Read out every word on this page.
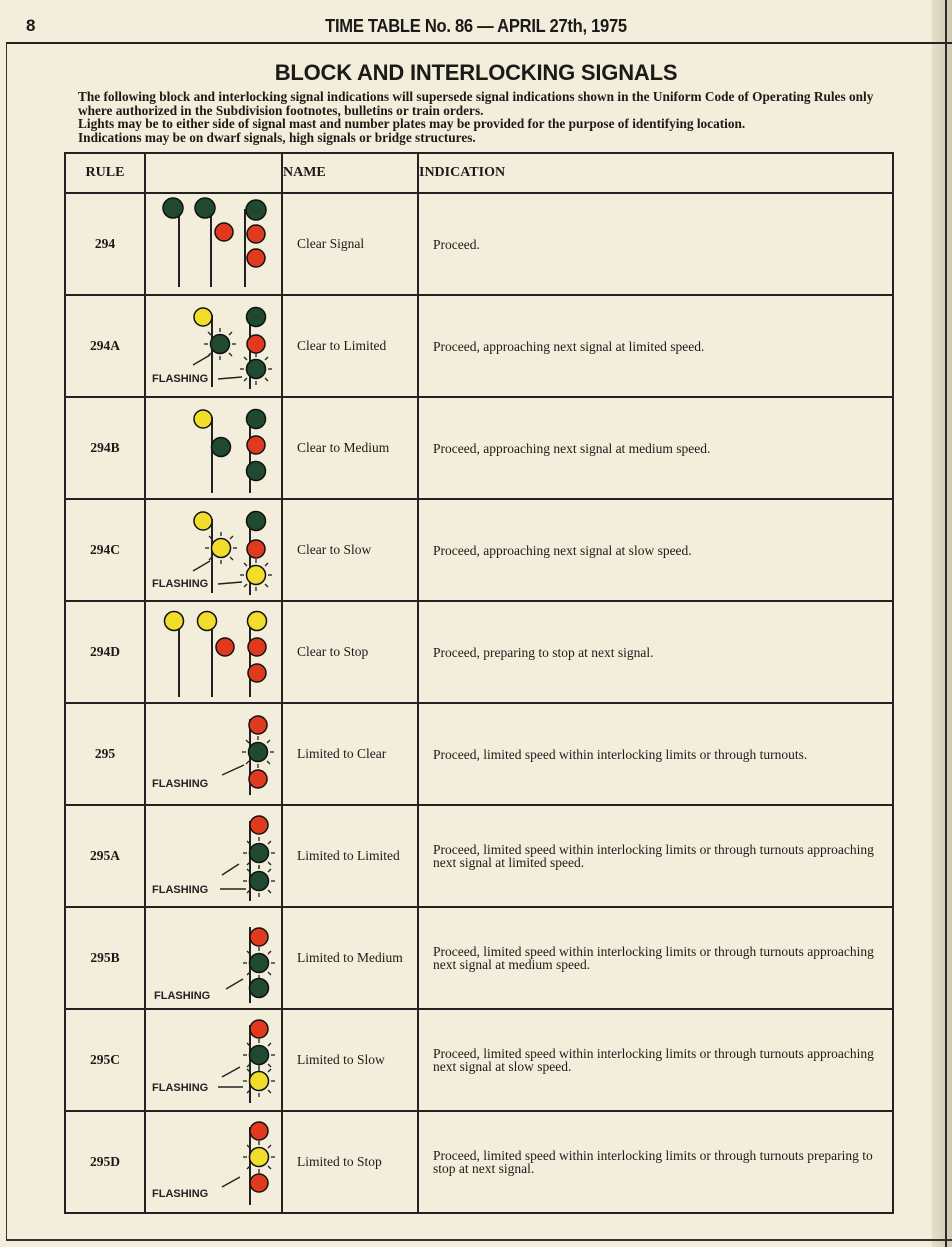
8	TIME TABLE No. 86 — APRIL 27th, 1975
BLOCK AND INTERLOCKING SIGNALS

The following block and interlocking signal indications will supersede signal indications shown in the Uniform Code of Operating Rules only where authorized in the Subdivision footnotes, bulletins or train orders.

Lights may be to either side of signal mast and number plates may be provided for the purpose of identifying location.

Indications may be on dwarf signals, high signals or bridge structures.

RULE		NAME	INDICATION
294		Clear Signal	Proceed.
294A	FLASHING	Clear to Limited	Proceed, approaching next signal at limited speed.
294B		Clear to Medium	Proceed, approaching next signal at medium speed.
294C	FLASHING	Clear to Slow	Proceed, approaching next signal at slow speed.
294D		Clear to Stop	Proceed, preparing to stop at next signal.
295	FLASHING	Limited to Clear	Proceed, limited speed within interlocking limits or through turnouts.
295A	FLASHING	Limited to Limited	Proceed, limited speed within interlocking limits or through turnouts approaching next signal at limited speed.
295B	FLASHING	Limited to Medium	Proceed, limited speed within interlocking limits or through turnouts approaching next signal at medium speed.
295C	FLASHING	Limited to Slow	Proceed, limited speed within interlocking limits or through turnouts approaching next signal at slow speed.
295D	FLASHING	Limited to Stop	Proceed, limited speed within interlocking limits or through turnouts preparing to stop at next signal.
